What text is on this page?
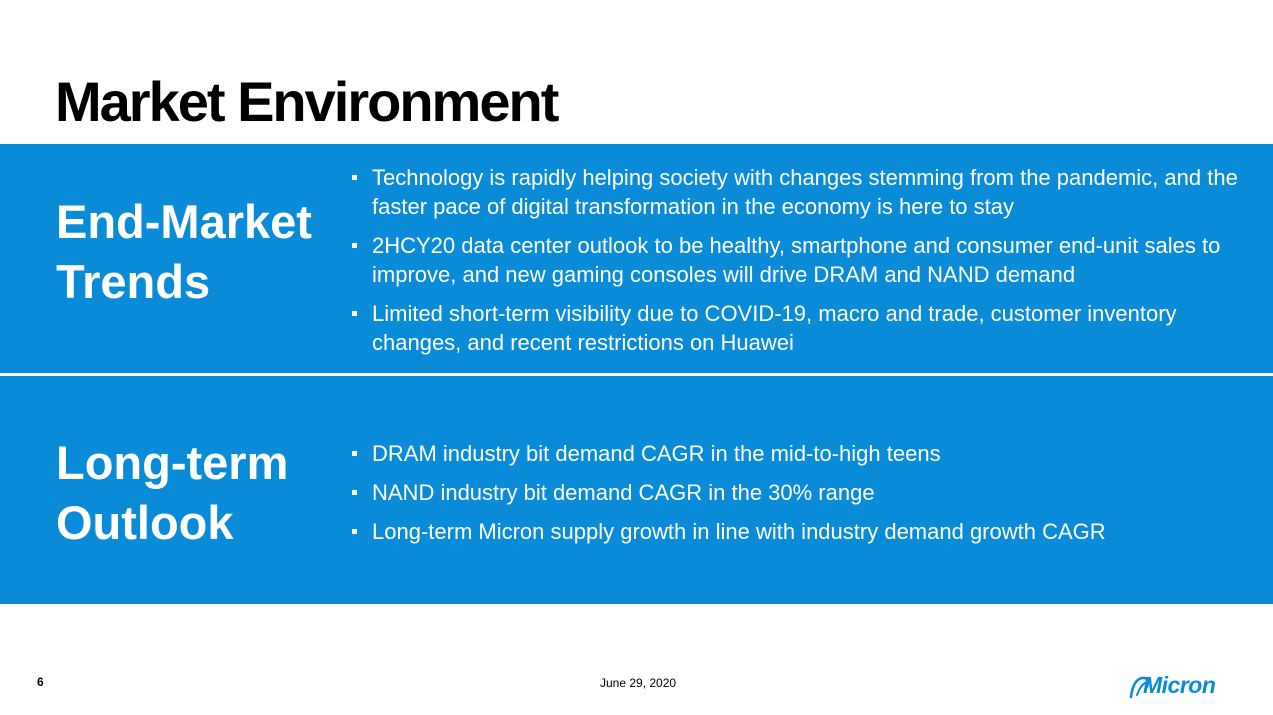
Market Environment
End-Market
Trends
Technology is rapidly helping society with changes stemming from the pandemic, and the faster pace of digital transformation in the economy is here to stay
2HCY20 data center outlook to be healthy, smartphone and consumer end-unit sales to improve, and new gaming consoles will drive DRAM and NAND demand
Limited short-term visibility due to COVID-19, macro and trade, customer inventory changes, and recent restrictions on Huawei
Long-term
Outlook
DRAM industry bit demand CAGR in the mid-to-high teens
NAND industry bit demand CAGR in the 30% range
Long-term Micron supply growth in line with industry demand growth CAGR
6	June 29, 2020	Micron
